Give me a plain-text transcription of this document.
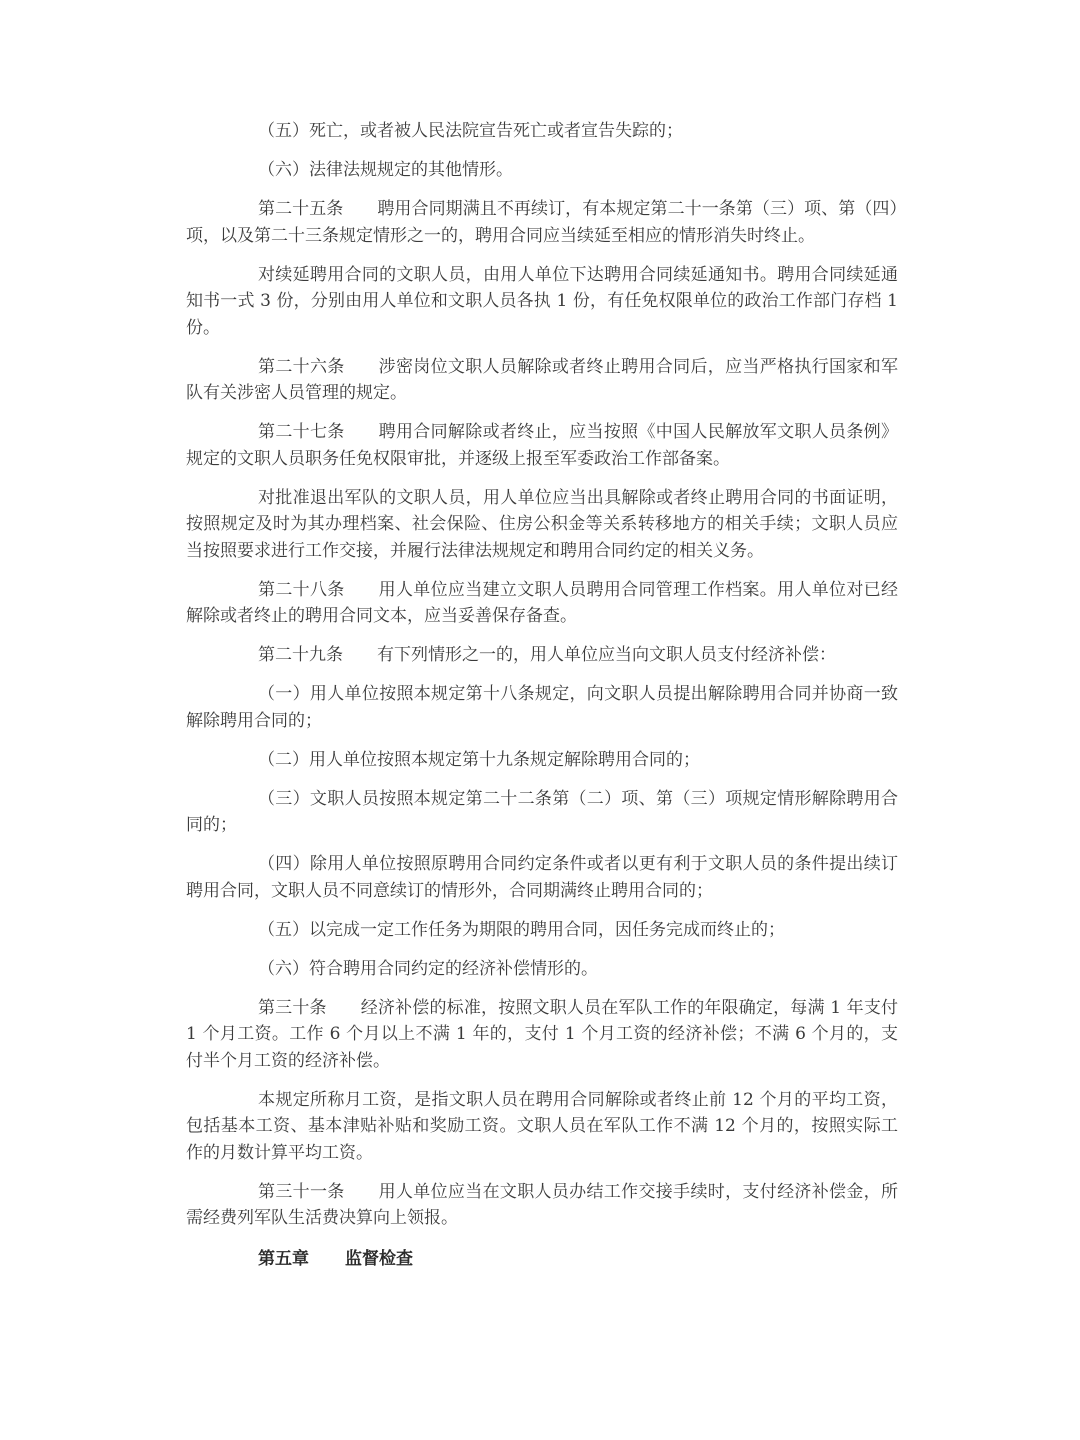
（五）死亡，或者被人民法院宣告死亡或者宣告失踪的；

（六）法律法规规定的其他情形。

第二十五条 聘用合同期满且不再续订，有本规定第二十一条第（三）项、第（四）项，以及第二十三条规定情形之一的，聘用合同应当续延至相应的情形消失时终止。

对续延聘用合同的文职人员，由用人单位下达聘用合同续延通知书。聘用合同续延通知书一式 3 份，分别由用人单位和文职人员各执 1 份，有任免权限单位的政治工作部门存档 1 份。

第二十六条 涉密岗位文职人员解除或者终止聘用合同后，应当严格执行国家和军队有关涉密人员管理的规定。

第二十七条 聘用合同解除或者终止，应当按照《中国人民解放军文职人员条例》规定的文职人员职务任免权限审批，并逐级上报至军委政治工作部备案。

对批准退出军队的文职人员，用人单位应当出具解除或者终止聘用合同的书面证明，按照规定及时为其办理档案、社会保险、住房公积金等关系转移地方的相关手续；文职人员应当按照要求进行工作交接，并履行法律法规规定和聘用合同约定的相关义务。

第二十八条 用人单位应当建立文职人员聘用合同管理工作档案。用人单位对已经解除或者终止的聘用合同文本，应当妥善保存备查。

第二十九条 有下列情形之一的，用人单位应当向文职人员支付经济补偿：

（一）用人单位按照本规定第十八条规定，向文职人员提出解除聘用合同并协商一致解除聘用合同的；

（二）用人单位按照本规定第十九条规定解除聘用合同的；

（三）文职人员按照本规定第二十二条第（二）项、第（三）项规定情形解除聘用合同的；

（四）除用人单位按照原聘用合同约定条件或者以更有利于文职人员的条件提出续订聘用合同，文职人员不同意续订的情形外，合同期满终止聘用合同的；

（五）以完成一定工作任务为期限的聘用合同，因任务完成而终止的；

（六）符合聘用合同约定的经济补偿情形的。

第三十条 经济补偿的标准，按照文职人员在军队工作的年限确定，每满 1 年支付 1 个月工资。工作 6 个月以上不满 1 年的，支付 1 个月工资的经济补偿；不满 6 个月的，支付半个月工资的经济补偿。

本规定所称月工资，是指文职人员在聘用合同解除或者终止前 12 个月的平均工资，包括基本工资、基本津贴补贴和奖励工资。文职人员在军队工作不满 12 个月的，按照实际工作的月数计算平均工资。

第三十一条 用人单位应当在文职人员办结工作交接手续时，支付经济补偿金，所需经费列军队生活费决算向上领报。

第五章 监督检查
